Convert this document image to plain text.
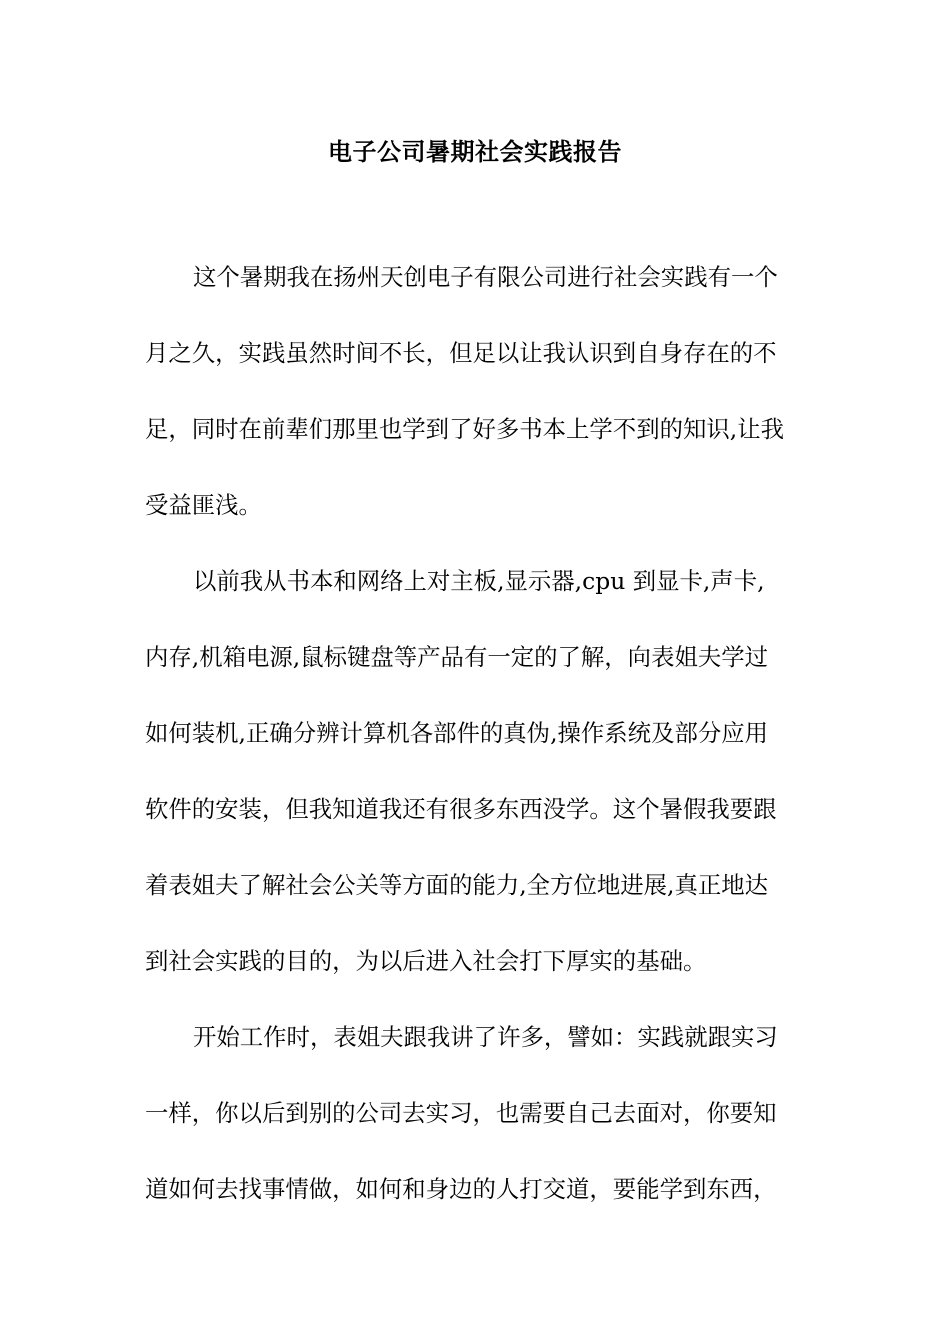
电子公司暑期社会实践报告
这个暑期我在扬州天创电子有限公司进行社会实践有一个
月之久，实践虽然时间不长，但足以让我认识到自身存在的不
足，同时在前辈们那里也学到了好多书本上学不到的知识,让我
受益匪浅。
以前我从书本和网络上对主板,显示器,cpu 到显卡,声卡,
内存,机箱电源,鼠标键盘等产品有一定的了解，向表姐夫学过
如何装机,正确分辨计算机各部件的真伪,操作系统及部分应用
软件的安装，但我知道我还有很多东西没学。这个暑假我要跟
着表姐夫了解社会公关等方面的能力,全方位地进展,真正地达
到社会实践的目的，为以后进入社会打下厚实的基础。
开始工作时，表姐夫跟我讲了许多，譬如：实践就跟实习
一样，你以后到别的公司去实习，也需要自己去面对，你要知
道如何去找事情做，如何和身边的人打交道，要能学到东西，
